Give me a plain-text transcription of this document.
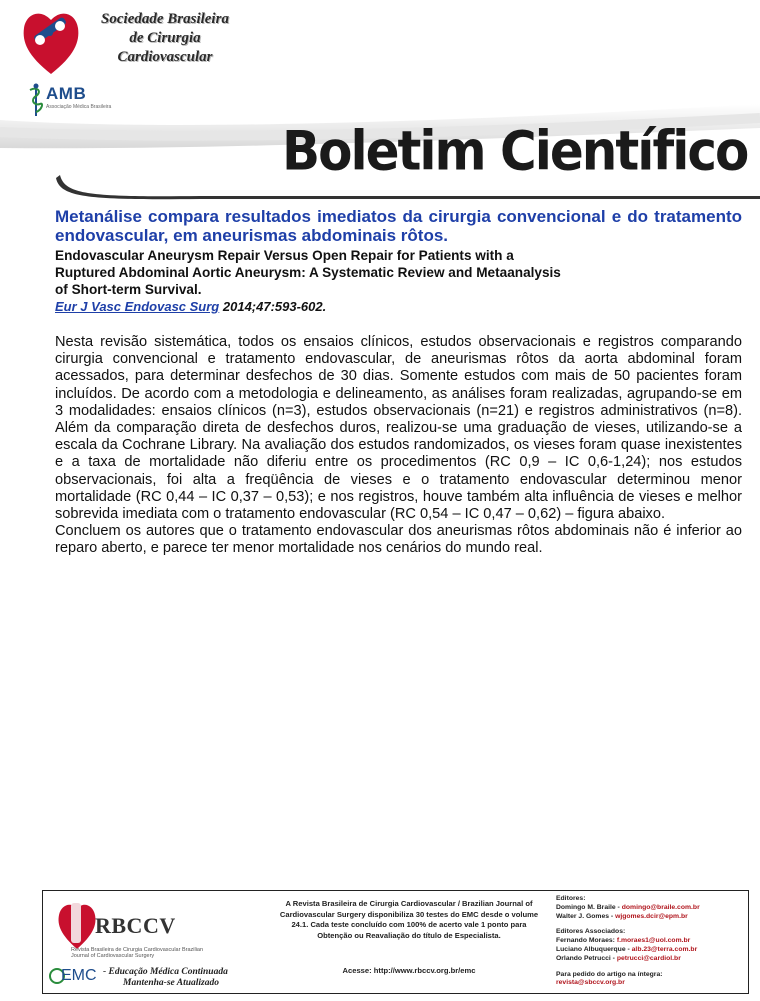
Sociedade Brasileira
de Cirurgia
Cardiovascular
AMB
Associação Médica Brasileira
Boletim Científico
Metanálise compara resultados imediatos da cirurgia convencional e do tratamento endovascular, em aneurismas abdominais rôtos.
Endovascular Aneurysm Repair Versus Open Repair for Patients with a
Ruptured Abdominal Aortic Aneurysm: A Systematic Review and Metaanalysis
of Short-term Survival.
Eur J Vasc Endovasc Surg 2014;47:593-602.

Nesta revisão sistemática, todos os ensaios clínicos, estudos observacionais e registros comparando cirurgia convencional e tratamento endovascular, de aneurismas rôtos da aorta abdominal foram acessados, para determinar desfechos de 30 dias. Somente estudos com mais de 50 pacientes foram incluídos. De acordo com a metodologia e delineamento, as análises foram realizadas, agrupando-se em 3 modalidades: ensaios clínicos (n=3), estudos observacionais (n=21) e registros administrativos (n=8). Além da comparação direta de desfechos duros, realizou-se uma graduação de vieses, utilizando-se a escala da Cochrane Library. Na avaliação dos estudos randomizados, os vieses foram quase inexistentes e a taxa de mortalidade não diferiu entre os procedimentos (RC 0,9 – IC 0,6-1,24); nos estudos observacionais, foi alta a freqüência de vieses e o tratamento endovascular determinou menor mortalidade (RC 0,44 – IC 0,37 – 0,53); e nos registros, houve também alta influência de vieses e melhor sobrevida imediata com o tratamento endovascular (RC 0,54 – IC 0,47 – 0,62) – figura abaixo.

Concluem os autores que o tratamento endovascular dos aneurismas rôtos abdominais não é inferior ao reparo aberto, e parece ter menor mortalidade nos cenários do mundo real.

RBCCV
Revista Brasileira de Cirurgia Cardiovascular Brazilian Journal of Cardiovascular Surgery
EMC - Educação Médica Continuada
Mantenha-se Atualizado
A Revista Brasileira de Cirurgia Cardiovascular / Brazilian Journal of Cardiovascular Surgery disponibiliza 30 testes do EMC desde o volume 24.1. Cada teste concluído com 100% de acerto vale 1 ponto para Obtenção ou Reavaliação do título de Especialista.
Acesse: http://www.rbccv.org.br/emc
Editores:
Domingo M. Braile - domingo@braile.com.br
Walter J. Gomes - wjgomes.dcir@epm.br
Editores Associados:
Fernando Moraes: f.moraes1@uol.com.br
Luciano Albuquerque - alb.23@terra.com.br
Orlando Petrucci - petrucci@cardiol.br
Para pedido do artigo na íntegra:
revista@sbccv.org.br
